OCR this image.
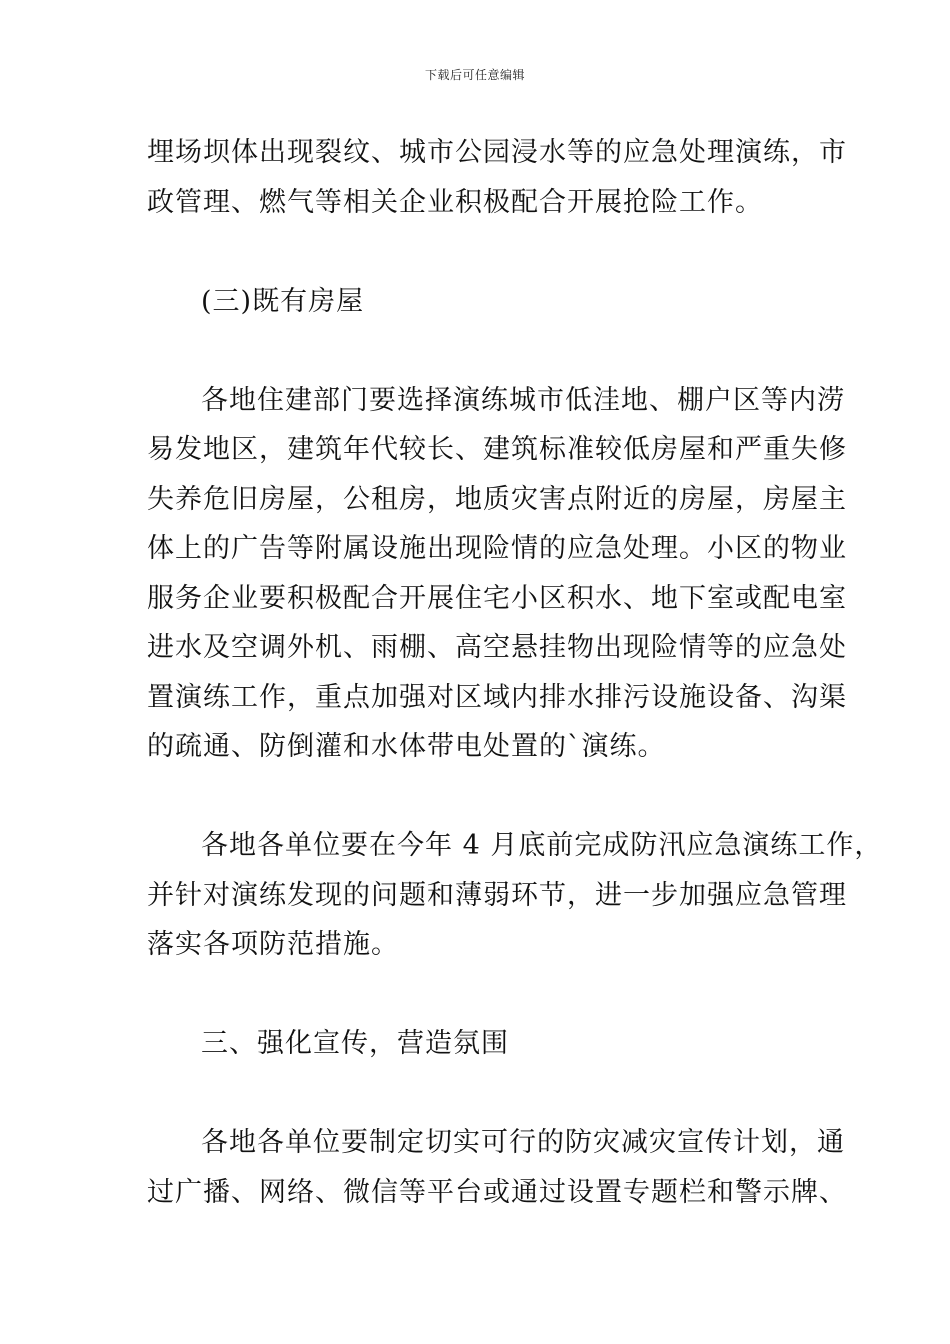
下载后可任意编辑
埋场坝体出现裂纹、城市公园浸水等的应急处理演练，市
政管理、燃气等相关企业积极配合开展抢险工作。
(三)既有房屋
各地住建部门要选择演练城市低洼地、棚户区等内涝
易发地区，建筑年代较长、建筑标准较低房屋和严重失修
失养危旧房屋，公租房，地质灾害点附近的房屋，房屋主
体上的广告等附属设施出现险情的应急处理。小区的物业
服务企业要积极配合开展住宅小区积水、地下室或配电室
进水及空调外机、雨棚、高空悬挂物出现险情等的应急处
置演练工作，重点加强对区域内排水排污设施设备、沟渠
的疏通、防倒灌和水体带电处置的`演练。
各地各单位要在今年 4 月底前完成防汛应急演练工作，
并针对演练发现的问题和薄弱环节，进一步加强应急管理
落实各项防范措施。
三、强化宣传，营造氛围
各地各单位要制定切实可行的防灾减灾宣传计划，通
过广播、网络、微信等平台或通过设置专题栏和警示牌、
